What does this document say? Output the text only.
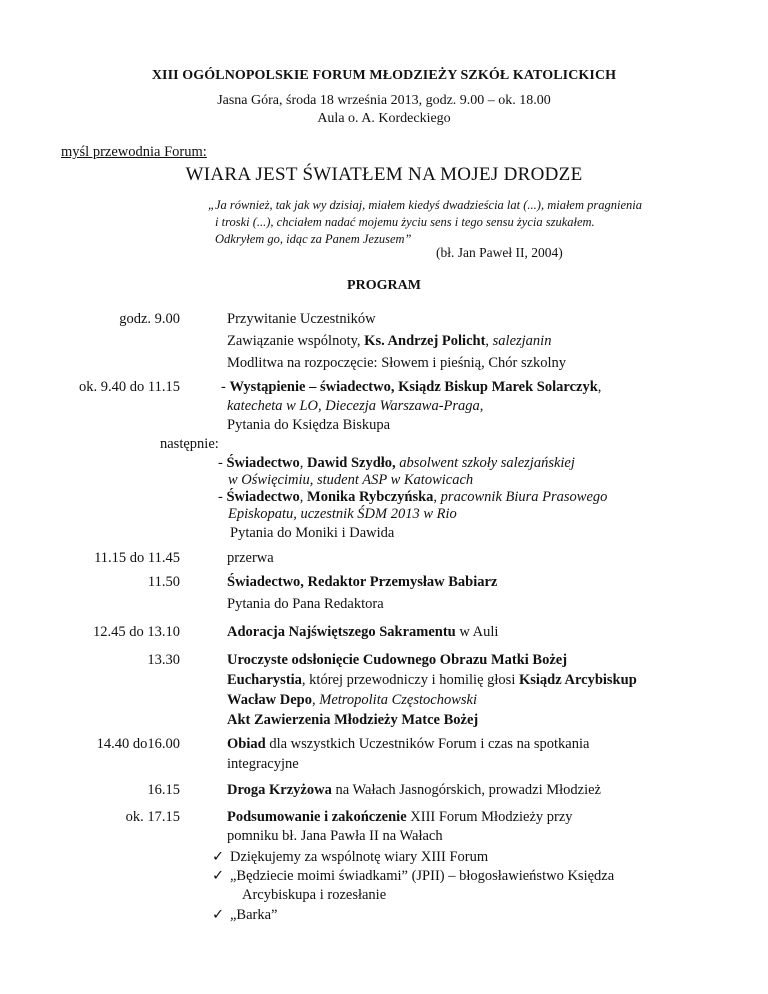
XIII OGÓLNOPOLSKIE FORUM MŁODZIEŻY SZKÓŁ KATOLICKICH
Jasna Góra, środa 18 września 2013, godz. 9.00 – ok. 18.00
Aula o. A. Kordeckiego
myśl przewodnia Forum:
WIARA JEST ŚWIATŁEM NA MOJEJ DRODZE
„Ja również, tak jak wy dzisiaj, miałem kiedyś dwadzieścia lat (...), miałem pragnienia
i troski (...), chciałem nadać mojemu życiu sens i tego sensu życia szukałem.
Odkryłem go, idąc za Panem Jezusem”
(bł. Jan Paweł II, 2004)
PROGRAM
godz. 9.00	Przywitanie Uczestników
Zawiązanie wspólnoty, Ks. Andrzej Policht, salezjanin
Modlitwa na rozpoczęcie: Słowem i pieśnią, Chór szkolny
ok. 9.40 do 11.15	- Wystąpienie – świadectwo, Ksiądz Biskup Marek Solarczyk,
katecheta w LO, Diecezja Warszawa-Praga,
Pytania do Księdza Biskupa
następnie:
- Świadectwo, Dawid Szydło, absolwent szkoły salezjańskiej
w Oświęcimiu, student ASP w Katowicach
- Świadectwo, Monika Rybczyńska, pracownik Biura Prasowego
Episkopatu, uczestnik ŚDM 2013 w Rio
Pytania do Moniki i Dawida
11.15 do 11.45	przerwa
11.50	Świadectwo, Redaktor Przemysław Babiarz
Pytania do Pana Redaktora
12.45 do 13.10	Adoracja Najświętszego Sakramentu w Auli
13.30	Uroczyste odsłonięcie Cudownego Obrazu Matki Bożej
Eucharystia, której przewodniczy i homilię głosi Ksiądz Arcybiskup
Wacław Depo, Metropolita Częstochowski
Akt Zawierzenia Młodzieży Matce Bożej
14.40 do16.00	Obiad dla wszystkich Uczestników Forum i czas na spotkania
integracyjne
16.15	Droga Krzyżowa na Wałach Jasnogórskich, prowadzi Młodzież
ok. 17.15	Podsumowanie i zakończenie XIII Forum Młodzieży przy
pomniku bł. Jana Pawła II na Wałach
✓ Dziękujemy za wspólnotę wiary XIII Forum
✓ „Będziecie moimi świadkami” (JPII) – błogosławieństwo Księdza
Arcybiskupa i rozesłanie
✓ „Barka”
